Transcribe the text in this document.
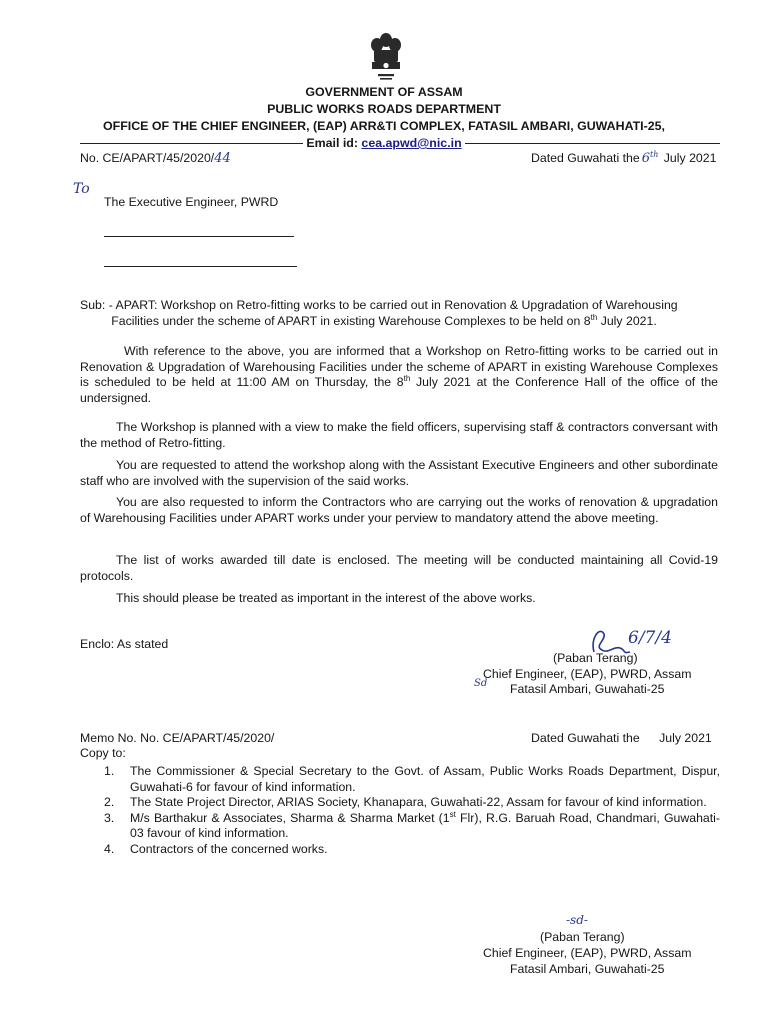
GOVERNMENT OF ASSAM
PUBLIC WORKS ROADS DEPARTMENT
OFFICE OF THE CHIEF ENGINEER, (EAP) ARR&TI COMPLEX, FATASIL AMBARI, GUWAHATI-25,
Email id: cea.apwd@nic.in
No. CE/APART/45/2020/44	Dated Guwahati the 6th July 2021
To
The Executive Engineer, PWRD
Sub: - APART: Workshop on Retro-fitting works to be carried out in Renovation & Upgradation of Warehousing
Facilities under the scheme of APART in existing Warehouse Complexes to be held on 8th July 2021.
With reference to the above, you are informed that a Workshop on Retro-fitting works to be carried out in Renovation & Upgradation of Warehousing Facilities under the scheme of APART in existing Warehouse Complexes is scheduled to be held at 11:00 AM on Thursday, the 8th July 2021 at the Conference Hall of the office of the undersigned.
The Workshop is planned with a view to make the field officers, supervising staff & contractors conversant with the method of Retro-fitting.
You are requested to attend the workshop along with the Assistant Executive Engineers and other subordinate staff who are involved with the supervision of the said works.
You are also requested to inform the Contractors who are carrying out the works of renovation & upgradation of Warehousing Facilities under APART works under your perview to mandatory attend the above meeting.
The list of works awarded till date is enclosed. The meeting will be conducted maintaining all Covid-19 protocols.
This should please be treated as important in the interest of the above works.
Enclo: As stated	6/7/4
(Paban Terang)
Chief Engineer, (EAP), PWRD, Assam
Sd Fatasil Ambari, Guwahati-25
Memo No. No. CE/APART/45/2020/	Dated Guwahati the July 2021
Copy to:
1. The Commissioner & Special Secretary to the Govt. of Assam, Public Works Roads Department, Dispur, Guwahati-6 for favour of kind information.
2. The State Project Director, ARIAS Society, Khanapara, Guwahati-22, Assam for favour of kind information.
3. M/s Barthakur & Associates, Sharma & Sharma Market (1st Flr), R.G. Baruah Road, Chandmari, Guwahati-03 favour of kind information.
4. Contractors of the concerned works.
-sd-
(Paban Terang)
Chief Engineer, (EAP), PWRD, Assam
Fatasil Ambari, Guwahati-25
